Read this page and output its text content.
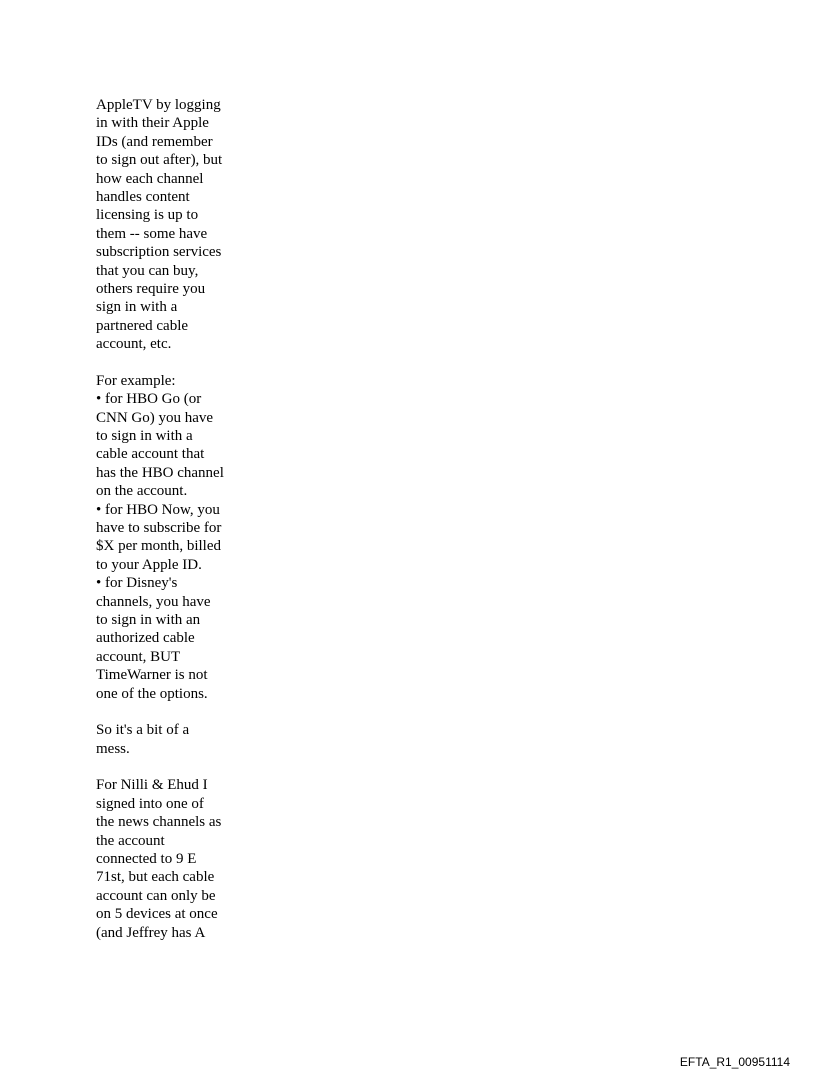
AppleTV by logging
in with their Apple
IDs (and remember
to sign out after), but
how each channel
handles content
licensing is up to
them -- some have
subscription services
that you can buy,
others require you
sign in with a
partnered cable
account, etc.
For example:
• for HBO Go (or
CNN Go) you have
to sign in with a
cable account that
has the HBO channel
on the account.
• for HBO Now, you
have to subscribe for
$X per month, billed
to your Apple ID.
• for Disney's
channels, you have
to sign in with an
authorized cable
account, BUT
TimeWarner is not
one of the options.
So it's a bit of a
mess.
For Nilli & Ehud I
signed into one of
the news channels as
the account
connected to 9 E
71st, but each cable
account can only be
on 5 devices at once
(and Jeffrey has A
EFTA_R1_00951114
